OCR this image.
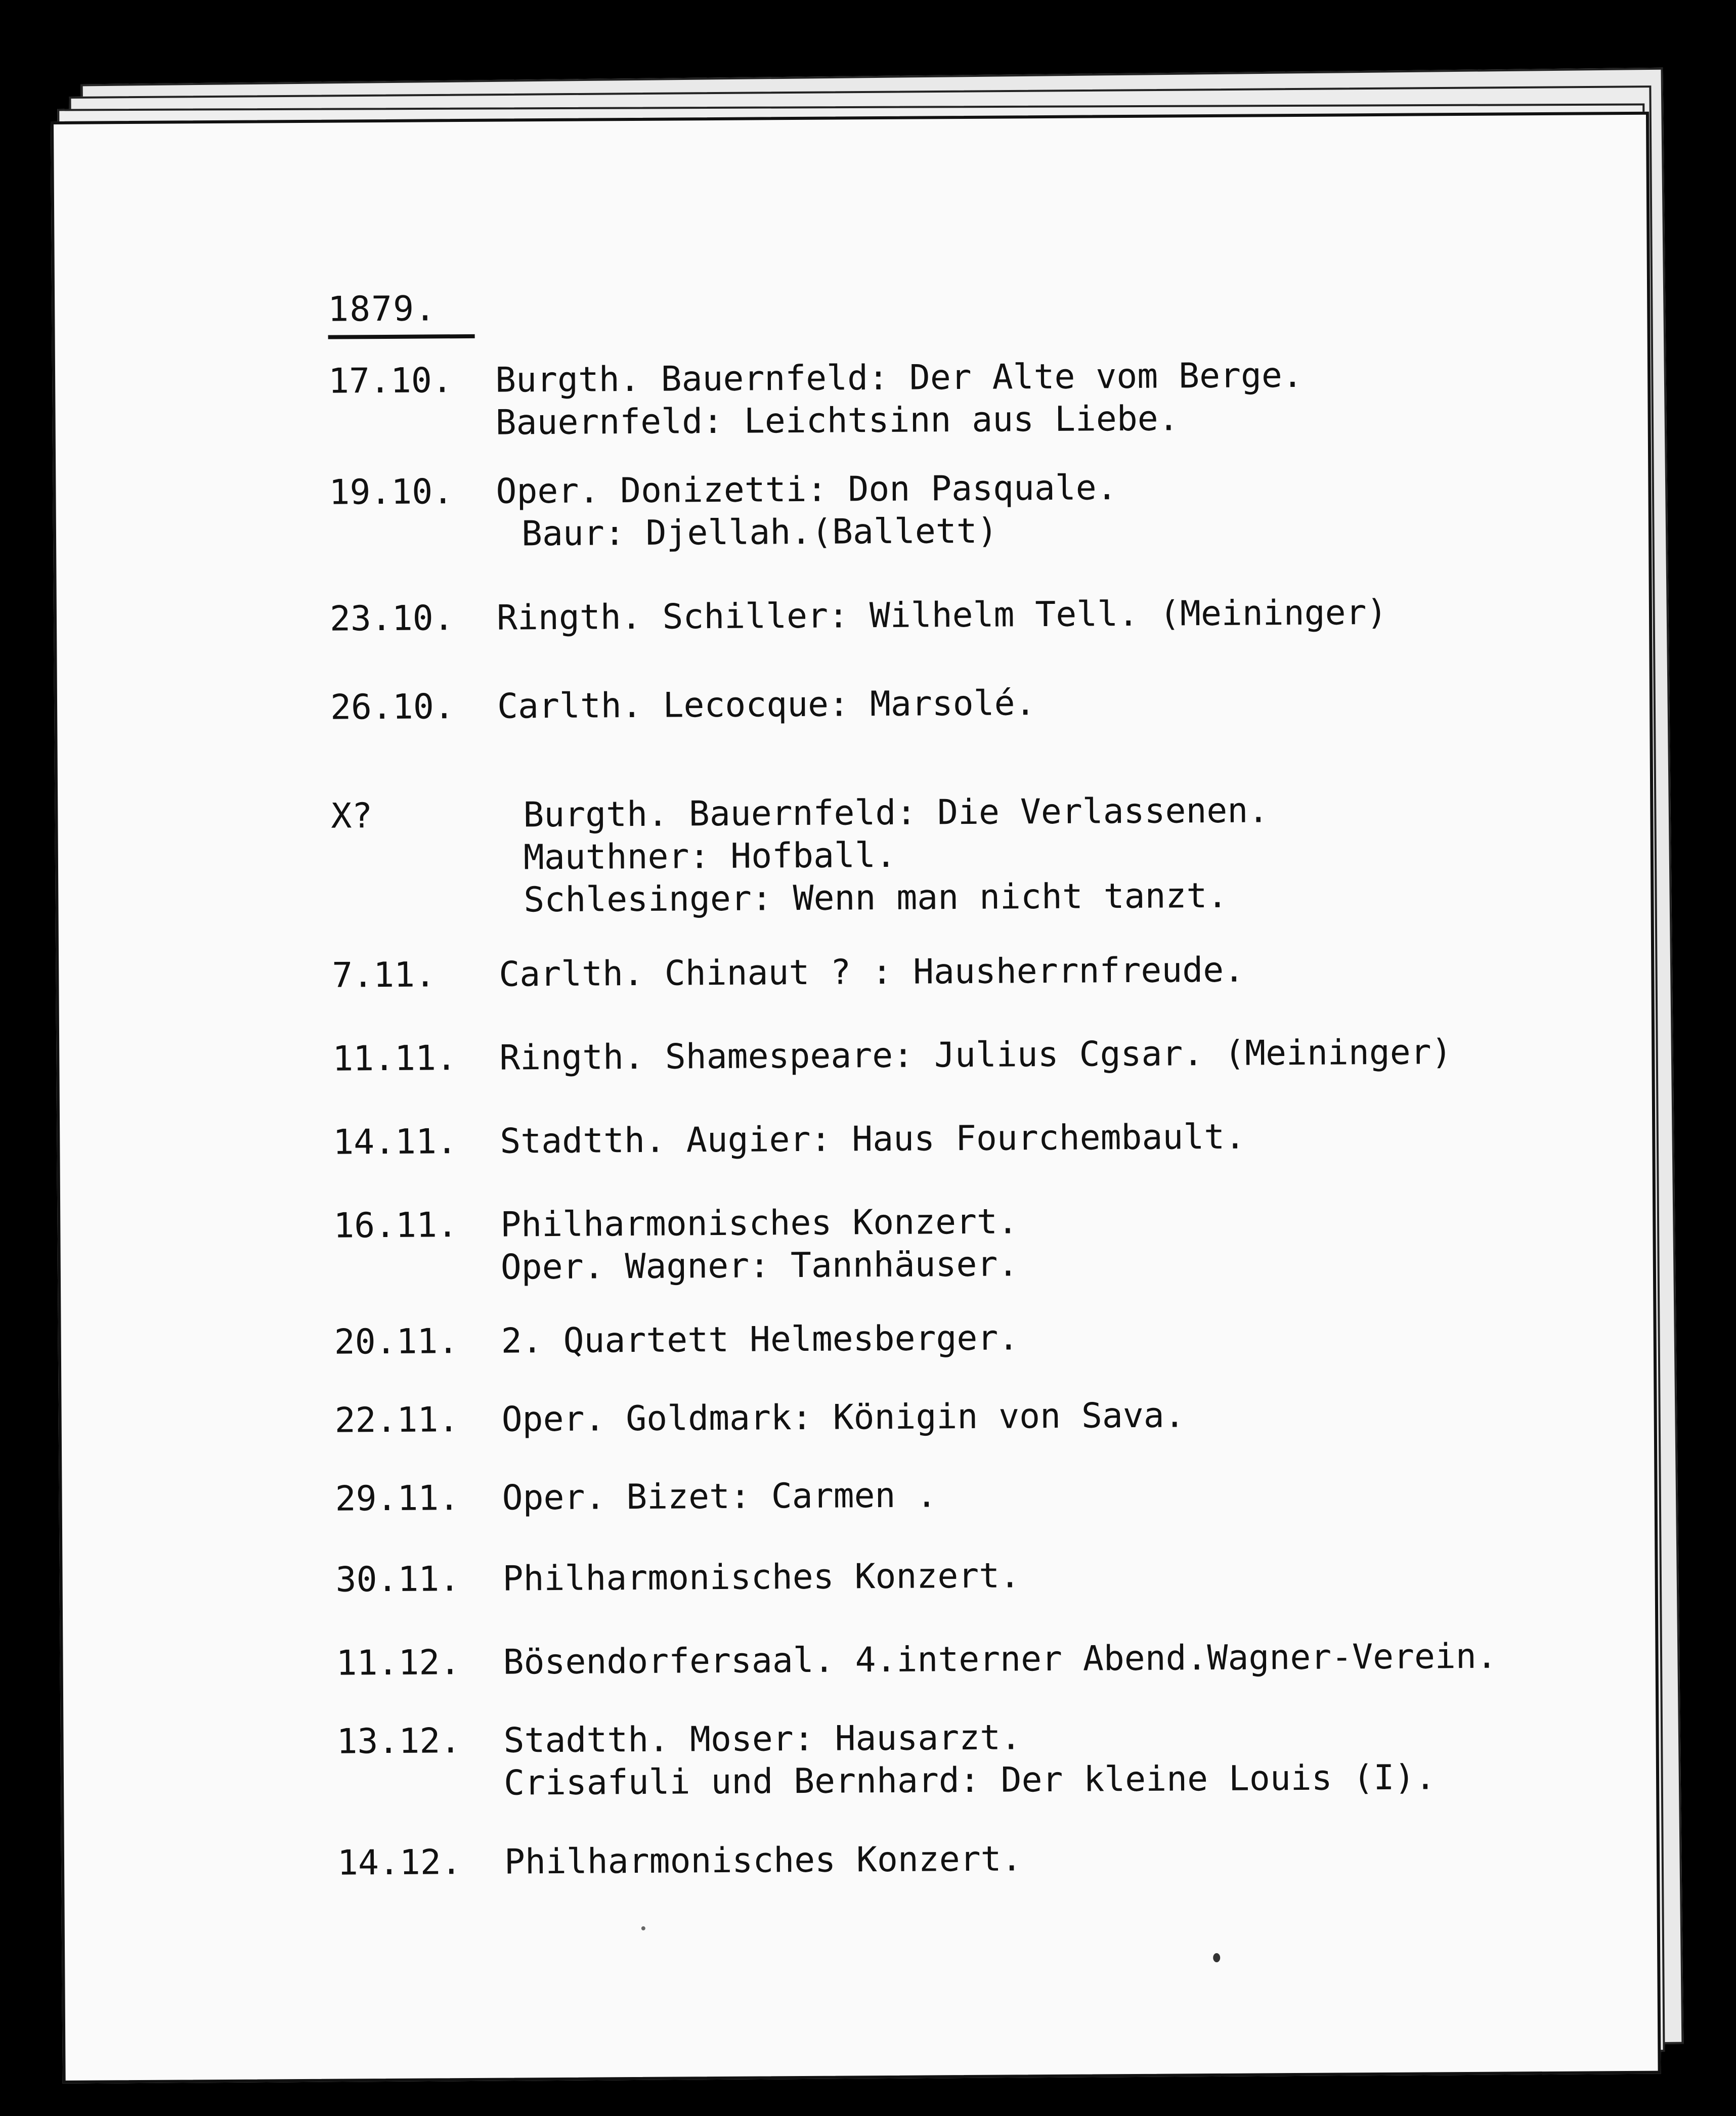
1879.
17.10. Burgth. Bauernfeld: Der Alte vom Berge.
Bauernfeld: Leichtsinn aus Liebe.
19.10. Oper. Donizetti: Don Pasquale.
Baur: Djellah.(Ballett)
23.10. Ringth. Schiller: Wilhelm Tell. (Meininger)
26.10. Carlth. Lecocque: Marsolé.
X?	Burgth. Bauernfeld: Die Verlassenen.
Mauthner: Hofball.
Schlesinger: Wenn man nicht tanzt.
7.11. Carlth. Chinaut ? : Hausherrnfreude.
11.11. Ringth. Shamespeare: Julius Cgsar. (Meininger)
14.11. Stadtth. Augier: Haus Fourchembault.
16.11. Philharmonisches Konzert.
Oper. Wagner: Tannhäuser.
20.11. 2. Quartett Helmesberger.
22.11. Oper. Goldmark: Königin von Sava.
29.11. Oper. Bizet: Carmen .
30.11. Philharmonisches Konzert.
11.12. Bösendorfersaal. 4.interner Abend.Wagner-Verein.
13.12. Stadtth. Moser: Hausarzt.
Crisafuli und Bernhard: Der kleine Louis (I).
14.12. Philharmonisches Konzert.
